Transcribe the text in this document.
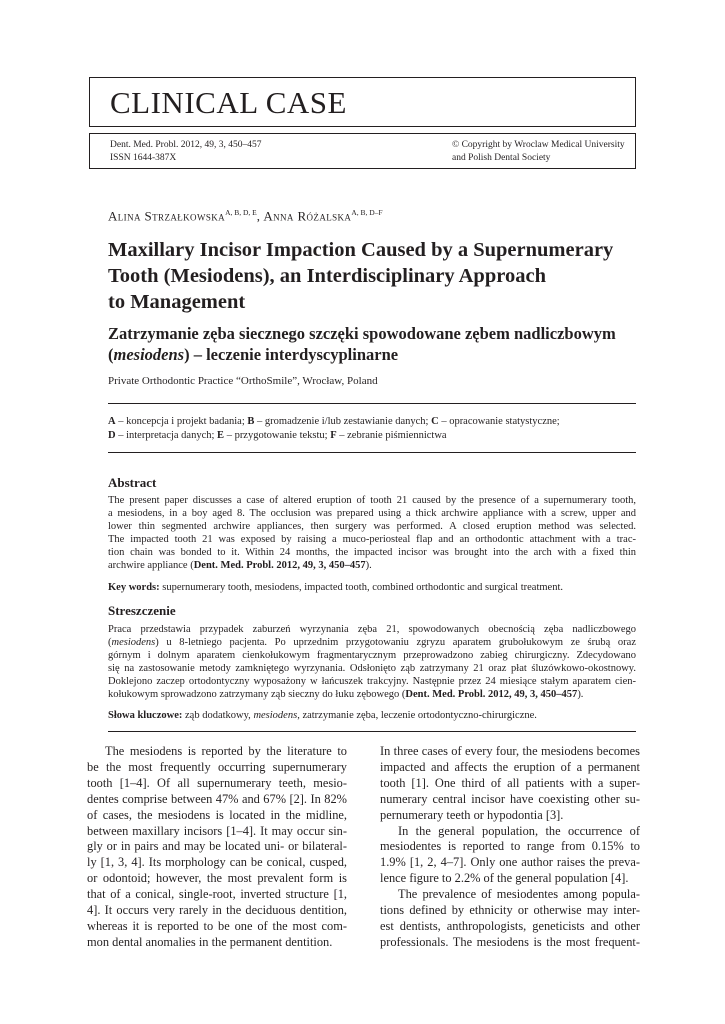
CLINICAL CASE
Dent. Med. Probl. 2012, 49, 3, 450–457
ISSN 1644-387X
© Copyright by Wroclaw Medical University
and Polish Dental Society
Alina Strzałkowska$^{A, B, D, E}$, Anna Różalska$^{A, B, D-F}$
Maxillary Incisor Impaction Caused by a Supernumerary
Tooth (Mesiodens), an Interdisciplinary Approach
to Management
Zatrzymanie zęba siecznego szczęki spowodowane zębem nadliczbowym
(mesiodens) – leczenie interdyscyplinarne
Private Orthodontic Practice “OrthoSmile”, Wrocław, Poland
A – koncepcja i projekt badania; B – gromadzenie i/lub zestawianie danych; C – opracowanie statystyczne;
D – interpretacja danych; E – przygotowanie tekstu; F – zebranie piśmiennictwa
Abstract
The present paper discusses a case of altered eruption of tooth 21 caused by the presence of a supernumerary tooth,
a mesiodens, in a boy aged 8. The occlusion was prepared using a thick archwire appliance with a screw, upper and
lower thin segmented archwire appliances, then surgery was performed. A closed eruption method was selected.
The impacted tooth 21 was exposed by raising a muco-periosteal flap and an orthodontic attachment with a trac-
tion chain was bonded to it. Within 24 months, the impacted incisor was brought into the arch with a fixed thin
archwire appliance (Dent. Med. Probl. 2012, 49, 3, 450–457).
Key words: supernumerary tooth, mesiodens, impacted tooth, combined orthodontic and surgical treatment.
Streszczenie
Praca przedstawia przypadek zaburzeń wyrzynania zęba 21, spowodowanych obecnością zęba nadliczbowego
(mesiodens) u 8-letniego pacjenta. Po uprzednim przygotowaniu zgryzu aparatem grubołukowym ze śrubą oraz
górnym i dolnym aparatem cienkołukowym fragmentarycznym przeprowadzono zabieg chirurgiczny. Zdecydowano
się na zastosowanie metody zamkniętego wyrzynania. Odsłonięto ząb zatrzymany 21 oraz płat śluzówkowo-okostnowy.
Doklejono zaczep ortodontyczny wyposażony w łańcuszek trakcyjny. Następnie przez 24 miesiące stałym aparatem cien-
kołukowym sprowadzono zatrzymany ząb sieczny do łuku zębowego (Dent. Med. Probl. 2012, 49, 3, 450–457).
Słowa kluczowe: ząb dodatkowy, mesiodens, zatrzymanie zęba, leczenie ortodontyczno-chirurgiczne.
The mesiodens is reported by the literature to
be the most frequently occurring supernumerary
tooth [1–4]. Of all supernumerary teeth, mesio-
dentes comprise between 47% and 67% [2]. In 82%
of cases, the mesiodens is located in the midline,
between maxillary incisors [1–4]. It may occur sin-
gly or in pairs and may be located uni- or bilateral-
ly [1, 3, 4]. Its morphology can be conical, cusped,
or odontoid; however, the most prevalent form is
that of a conical, single-root, inverted structure [1,
4]. It occurs very rarely in the deciduous dentition,
whereas it is reported to be one of the most com-
mon dental anomalies in the permanent dentition.
In three cases of every four, the mesiodens becomes
impacted and affects the eruption of a permanent
tooth [1]. One third of all patients with a super-
numerary central incisor have coexisting other su-
pernumerary teeth or hypodontia [3].
In the general population, the occurrence of
mesiodentes is reported to range from 0.15% to
1.9% [1, 2, 4–7]. Only one author raises the preva-
lence figure to 2.2% of the general population [4].
The prevalence of mesiodentes among popula-
tions defined by ethnicity or otherwise may inter-
est dentists, anthropologists, geneticists and other
professionals. The mesiodens is the most frequent-
